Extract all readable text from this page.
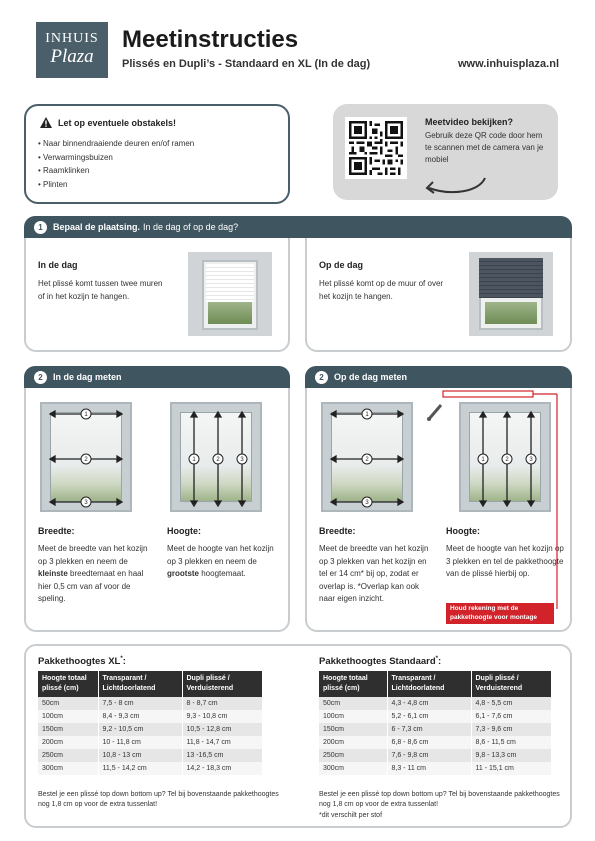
INHUIS
Plaza
Meetinstructies
Plissés en Dupli’s - Standaard en XL (In de dag)	www.inhuisplaza.nl
Let op eventuele obstakels!
• Naar binnendraaiende deuren en/of ramen
• Verwarmingsbuizen
• Raamklinken
• Plinten
Meetvideo bekijken?
Gebruik deze QR code door hem te scannen met de camera van je mobiel
1	Bepaal de plaatsing. In de dag of op de dag?
In de dag
Het plissé komt tussen twee muren of in het kozijn te hangen.
Op de dag
Het plissé komt op de muur of over het kozijn te hangen.
2	In de dag meten
1
2
3
1	2	3
Breedte:
Meet de breedte van het kozijn op 3 plekken en neem de kleinste breedtemaat en haal hier 0,5 cm van af voor de speling.
Hoogte:
Meet de hoogte van het kozijn op 3 plekken en neem de grootste hoogtemaat.
2	Op de dag meten
1
2
3
1	2	3
Breedte:
Meet de breedte van het kozijn op 3 plekken van het kozijn en tel er 14 cm* bij op, zodat er overlap is. *Overlap kan ook naar eigen inzicht.
Hoogte:
Meet de hoogte van het kozijn op 3 plekken en tel de pakkethoogte van de plissé hierbij op.
Houd rekening met de pakkethoogte voor montage
Pakkethoogtes XL*:
Hoogte totaal plissé (cm)	Transparant / Lichtdoorlatend	Dupli plissé / Verduisterend
50cm	7,5 - 8 cm	8 - 8,7 cm
100cm	8,4 - 9,3 cm	9,3 - 10,8 cm
150cm	9,2 - 10,5 cm	10,5 - 12,8 cm
200cm	10 - 11,8 cm	11,8 - 14,7 cm
250cm	10,8 - 13 cm	13 -16,5 cm
300cm	11,5 - 14,2 cm	14,2 - 18,3 cm
Bestel je een plissé top down bottom up? Tel bij bovenstaande pakkethoogtes nog 1,8 cm op voor de extra tussenlat!
Pakkethoogtes Standaard*:
Hoogte totaal plissé (cm)	Transparant / Lichtdoorlatend	Dupli plissé / Verduisterend
50cm	4,3 - 4,8 cm	4,8 - 5,5 cm
100cm	5,2 - 6,1 cm	6,1 - 7,6 cm
150cm	6 - 7,3 cm	7,3 - 9,6 cm
200cm	6,8 - 8,6 cm	8,6 - 11,5 cm
250cm	7,6 - 9,8 cm	9,8 - 13,3 cm
300cm	8,3 - 11 cm	11 - 15,1 cm
Bestel je een plissé top down bottom up? Tel bij bovenstaande pakkethoogtes nog 1,8 cm op voor de extra tussenlat!
*dit verschilt per stof
